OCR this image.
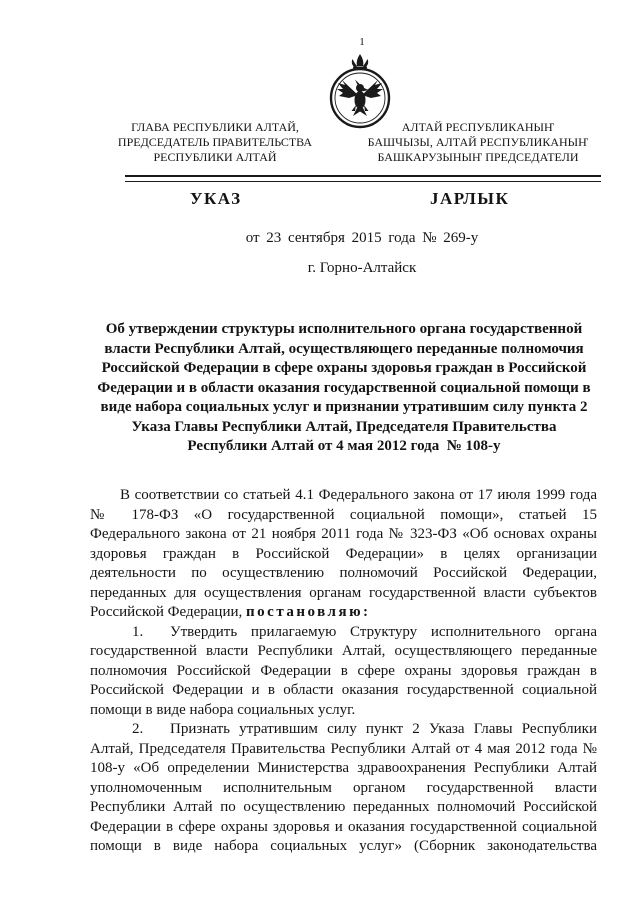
1
ГЛАВА РЕСПУБЛИКИ АЛТАЙ,
ПРЕДСЕДАТЕЛЬ ПРАВИТЕЛЬСТВА
РЕСПУБЛИКИ АЛТАЙ
АЛТАЙ РЕСПУБЛИКАНЫҤ
БАШЧЫЗЫ, АЛТАЙ РЕСПУБЛИКАНЫҤ
БАШКАРУЗЫНЫҤ ПРЕДСЕДАТЕЛИ
УКАЗ	ЈАРЛЫК
от 23 сентября 2015 года № 269-у
г. Горно-Алтайск
Об утверждении структуры исполнительного органа государственной
власти Республики Алтай, осуществляющего переданные полномочия
Российской Федерации в сфере охраны здоровья граждан в Российской
Федерации и в области оказания государственной социальной помощи в
виде набора социальных услуг и признании утратившим силу пункта 2
Указа Главы Республики Алтай, Председателя Правительства
Республики Алтай от 4 мая 2012 года  № 108-у
В соответствии со статьей 4.1 Федерального закона от 17 июля 1999 года
№ 178-ФЗ «О государственной социальной помощи», статьей 15
Федерального закона от 21 ноября 2011 года № 323-ФЗ «Об основах охраны
здоровья граждан в Российской Федерации» в целях организации
деятельности по осуществлению полномочий Российской Федерации,
переданных для осуществления органам государственной власти субъектов
Российской Федерации, постановляю:
1.	Утвердить прилагаемую Структуру исполнительного органа
государственной власти Республики Алтай, осуществляющего переданные
полномочия Российской Федерации в сфере охраны здоровья граждан в
Российской Федерации и в области оказания государственной социальной
помощи в виде набора социальных услуг.
2.	Признать утратившим силу пункт 2 Указа Главы Республики
Алтай, Председателя Правительства Республики Алтай от 4 мая 2012 года №
108-у «Об определении Министерства здравоохранения Республики Алтай
уполномоченным исполнительным органом государственной власти
Республики Алтай по осуществлению переданных полномочий Российской
Федерации в сфере охраны здоровья и оказания государственной социальной
помощи в виде набора социальных услуг» (Сборник законодательства
